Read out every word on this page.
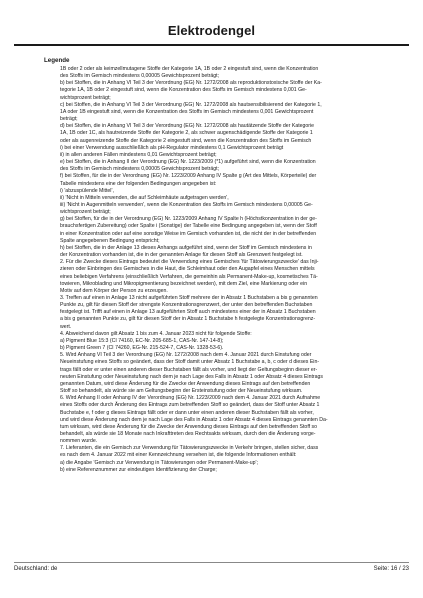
Elektrodengel
Legende

1B oder 2 oder als keimzellmutagene Stoffe der Kategorie 1A, 1B oder 2 eingestuft sind, wenn die Konzentration

des Stoffs im Gemisch mindestens 0,00005 Gewichtsprozent beträgt;

b) bei Stoffen, die in Anhang VI Teil 3 der Verordnung (EG) Nr. 1272/2008 als reproduktionstoxische Stoffe der Ka-

tegorie 1A, 1B oder 2 eingestuft sind, wenn die Konzentration des Stoffs im Gemisch mindestens 0,001 Ge-

wichtsprozent beträgt;

c) bei Stoffen, die in Anhang VI Teil 3 der Verordnung (EG) Nr. 1272/2008 als hautsensibilisierend der Kategorie 1,

1A oder 1B eingestuft sind, wenn die Konzentration des Stoffs im Gemisch mindestens 0,001 Gewichtsprozent

beträgt;

d) bei Stoffen, die in Anhang VI Teil 3 der Verordnung (EG) Nr. 1272/2008 als hautätzende Stoffe der Kategorie

1A, 1B oder 1C, als hautreizende Stoffe der Kategorie 2, als schwer augenschädigende Stoffe der Kategorie 1

oder als augenreizende Stoffe der Kategorie 2 eingestuft sind, wenn die Konzentration des Stoffs im Gemisch

i) bei einer Verwendung ausschließlich als pH-Regulator mindestens 0,1 Gewichtsprozent beträgt

ii) in allen anderen Fällen mindestens 0,01 Gewichtsprozent beträgt;

e) bei Stoffen, die in Anhang II der Verordnung (EG) Nr. 1223/2009 (*1) aufgeführt sind, wenn die Konzentration

des Stoffs im Gemisch mindestens 0,00005 Gewichtsprozent beträgt;

f) bei Stoffen, für die in der Verordnung (EG) Nr. 1223/2009 Anhang IV Spalte g (Art des Mittels, Körperteile) der

Tabelle mindestens eine der folgenden Bedingungen angegeben ist:

i) 'abzuspülende Mittel',

ii) 'Nicht in Mitteln verwenden, die auf Schleimhäute aufgetragen werden',

iii) 'Nicht in Augenmitteln verwenden', wenn die Konzentration des Stoffs im Gemisch mindestens 0,00005 Ge-

wichtsprozent beträgt;

g) bei Stoffen, für die in der Verordnung (EG) Nr. 1223/2009 Anhang IV Spalte h (Höchstkonzentration in der ge-

brauchsfertigen Zubereitung) oder Spalte i (Sonstige) der Tabelle eine Bedingung angegeben ist, wenn der Stoff

in einer Konzentration oder auf eine sonstige Weise im Gemisch vorhanden ist, die nicht der in der betreffenden

Spalte angegebenen Bedingung entspricht;

h) bei Stoffen, die in der Anlage 13 dieses Anhangs aufgeführt sind, wenn der Stoff im Gemisch mindestens in

der Konzentration vorhanden ist, die in der genannten Anlage für diesen Stoff als Grenzwert festgelegt ist.

2. Für die Zwecke dieses Eintrags bedeutet die Verwendung eines Gemisches 'für Tätowierungszwecke' das Inji-

zieren oder Einbringen des Gemisches in die Haut, die Schleimhaut oder den Augapfel eines Menschen mittels

eines beliebigen Verfahrens (einschließlich Verfahren, die gemeinhin als Permanent-Make-up, kosmetisches Tä-

towieren, Mikroblading und Mikropigmentierung bezeichnet werden), mit dem Ziel, eine Markierung oder ein

Motiv auf dem Körper der Person zu erzeugen.

3. Treffen auf einen in Anlage 13 nicht aufgeführten Stoff mehrere der in Absatz 1 Buchstaben a bis g genannten

Punkte zu, gilt für diesen Stoff der strengste Konzentrationsgrenzwert, der unter den betreffenden Buchstaben

festgelegt ist. Trifft auf einen in Anlage 13 aufgeführten Stoff auch mindestens einer der in Absatz 1 Buchstaben

a bis g genannten Punkte zu, gilt für diesen Stoff der in Absatz 1 Buchstabe h festgelegte Konzentrationsgrenz-

wert.

4. Abweichend davon gilt Absatz 1 bis zum 4. Januar 2023 nicht für folgende Stoffe:

a) Pigment Blue 15:3 (CI 74160, EC-Nr. 205-685-1, CAS-Nr. 147-14-8);

b) Pigment Green 7 (CI 74260, EG-Nr. 215-524-7, CAS-Nr. 1328-53-6).

5. Wird Anhang VI Teil 3 der Verordnung (EG) Nr. 1272/2008 nach dem 4. Januar 2021 durch Einstufung oder

Neueinstufung eines Stoffs so geändert, dass der Stoff damit unter Absatz 1 Buchstabe a, b, c oder d dieses Ein-

trags fällt oder er unter einen anderen dieser Buchstaben fällt als vorher, und liegt der Geltungsbeginn dieser er-

neuten Einstufung oder Neueinstufung nach dem je nach Lage des Falls in Absatz 1 oder Absatz 4 dieses Eintrags

genannten Datum, wird diese Änderung für die Zwecke der Anwendung dieses Eintrags auf den betreffenden

Stoff so behandelt, als würde sie am Geltungsbeginn der Ersteinstufung oder der Neueinstufung wirksam.

6. Wird Anhang II oder Anhang IV der Verordnung (EG) Nr. 1223/2009 nach dem 4. Januar 2021 durch Aufnahme

eines Stoffs oder durch Änderung des Eintrags zum betreffenden Stoff so geändert, dass der Stoff unter Absatz 1

Buchstabe e, f oder g dieses Eintrags fällt oder er dann unter einen anderen dieser Buchstaben fällt als vorher,

und wird diese Änderung nach dem je nach Lage des Falls in Absatz 1 oder Absatz 4 dieses Eintrags genannten Da-

tum wirksam, wird diese Änderung für die Zwecke der Anwendung dieses Eintrags auf den betreffenden Stoff so

behandelt, als würde sie 18 Monate nach Inkrafttreten des Rechtsakts wirksam, durch den die Änderung vorge-

nommen wurde.

7. Lieferanten, die ein Gemisch zur Verwendung für Tätowierungszwecke in Verkehr bringen, stellen sicher, dass

es nach dem 4. Januar 2022 mit einer Kennzeichnung versehen ist, die folgende Informationen enthält:

a) die Angabe 'Gemisch zur Verwendung in Tätowierungen oder Permanent-Make-up';

b) eine Referenznummer zur eindeutigen Identifizierung der Charge;

Deutschland: de	Seite: 16 / 23
